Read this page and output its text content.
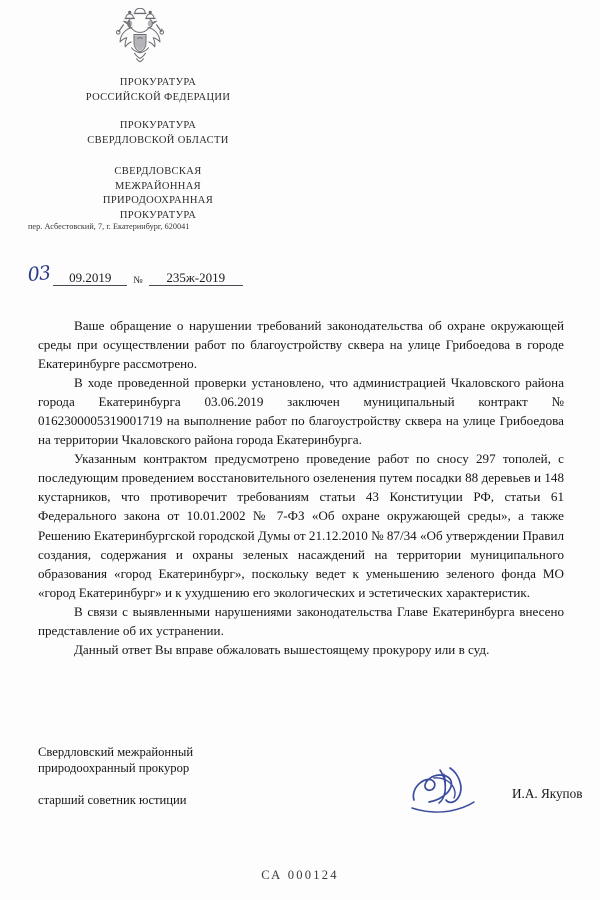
ПРОКУРАТУРА
РОССИЙСКОЙ ФЕДЕРАЦИИ
ПРОКУРАТУРА
СВЕРДЛОВСКОЙ ОБЛАСТИ
СВЕРДЛОВСКАЯ
МЕЖРАЙОННАЯ
ПРИРОДООХРАННАЯ
ПРОКУРАТУРА
пер. Асбестовский, 7, г. Екатеринбург, 620041
03	09.2019	№	235ж-2019

Ваше обращение о нарушении требований законодательства об охране окружающей среды при осуществлении работ по благоустройству сквера на улице Грибоедова в городе Екатеринбурге рассмотрено.

В ходе проведенной проверки установлено, что администрацией Чкаловского района города Екатеринбурга 03.06.2019 заключен муниципальный контракт № 0162300005319001719 на выполнение работ по благоустройству сквера на улице Грибоедова на территории Чкаловского района города Екатеринбурга.

Указанным контрактом предусмотрено проведение работ по сносу 297 тополей, с последующим проведением восстановительного озеленения путем посадки 88 деревьев и 148 кустарников, что противоречит требованиям статьи 43 Конституции РФ, статьи 61 Федерального закона от 10.01.2002 № 7-ФЗ «Об охране окружающей среды», а также Решению Екатеринбургской городской Думы от 21.12.2010 № 87/34 «Об утверждении Правил создания, содержания и охраны зеленых насаждений на территории муниципального образования «город Екатеринбург», поскольку ведет к уменьшению зеленого фонда МО «город Екатеринбург» и к ухудшению его экологических и эстетических характеристик.

В связи с выявленными нарушениями законодательства Главе Екатеринбурга внесено представление об их устранении.

Данный ответ Вы вправе обжаловать вышестоящему прокурору или в суд.

Свердловский межрайонный
природоохранный прокурор
старший советник юстиции	И.А. Якупов
СА 000124
